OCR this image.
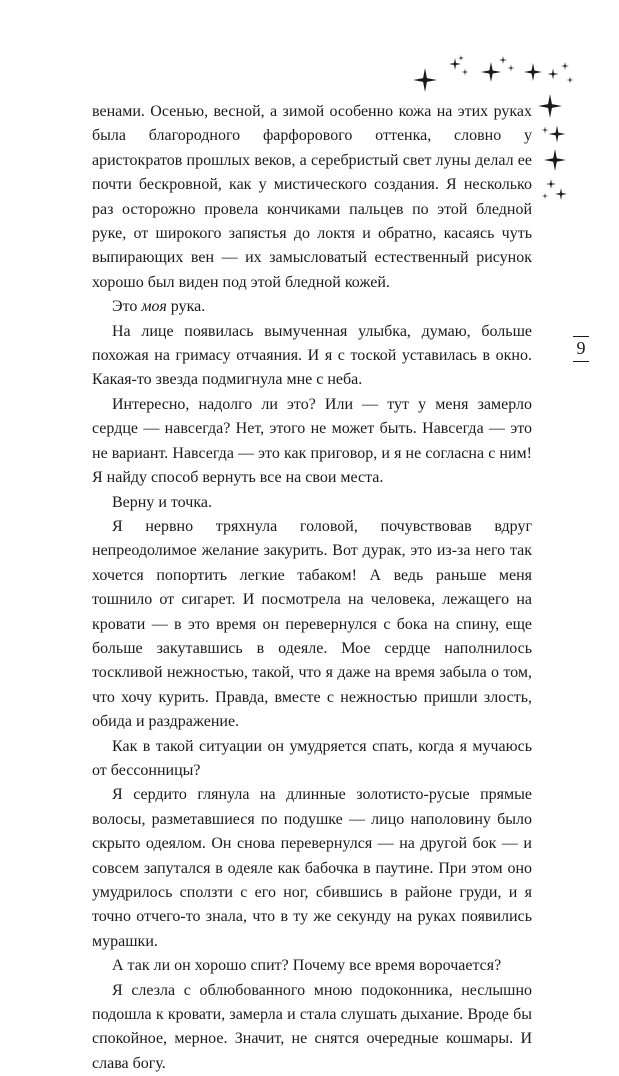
венами. Осенью, весной, а зимой особенно кожа на этих руках была благородного фарфорового оттенка, словно у аристократов прошлых веков, а серебристый свет луны делал ее почти бескровной, как у мистического создания. Я несколько раз осторожно провела кончиками пальцев по этой бледной руке, от широкого запястья до локтя и обратно, касаясь чуть выпирающих вен — их замысловатый естественный рисунок хорошо был виден под этой бледной кожей.

Это моя рука.

На лице появилась вымученная улыбка, думаю, больше похожая на гримасу отчаяния. И я с тоской уставилась в окно. Какая-то звезда подмигнула мне с неба.

Интересно, надолго ли это? Или — тут у меня замерло сердце — навсегда? Нет, этого не может быть. Навсегда — это не вариант. Навсегда — это как приговор, и я не согласна с ним! Я найду способ вернуть все на свои места.

Верну и точка.

Я нервно тряхнула головой, почувствовав вдруг непреодолимое желание закурить. Вот дурак, это из-за него так хочется попортить легкие табаком! А ведь раньше меня тошнило от сигарет. И посмотрела на человека, лежащего на кровати — в это время он перевернулся с бока на спину, еще больше закутавшись в одеяле. Мое сердце наполнилось тоскливой нежностью, такой, что я даже на время забыла о том, что хочу курить. Правда, вместе с нежностью пришли злость, обида и раздражение.

Как в такой ситуации он умудряется спать, когда я мучаюсь от бессонницы?

Я сердито глянула на длинные золотисто-русые прямые волосы, разметавшиеся по подушке — лицо наполовину было скрыто одеялом. Он снова перевернулся — на другой бок — и совсем запутался в одеяле как бабочка в паутине. При этом оно умудрилось сползти с его ног, сбившись в районе груди, и я точно отчего-то знала, что в ту же секунду на руках появились мурашки.

А так ли он хорошо спит? Почему все время ворочается?

Я слезла с облюбованного мною подоконника, неслышно подошла к кровати, замерла и стала слушать дыхание. Вроде бы спокойное, мерное. Значит, не снятся очередные кошмары. И слава богу.

9
